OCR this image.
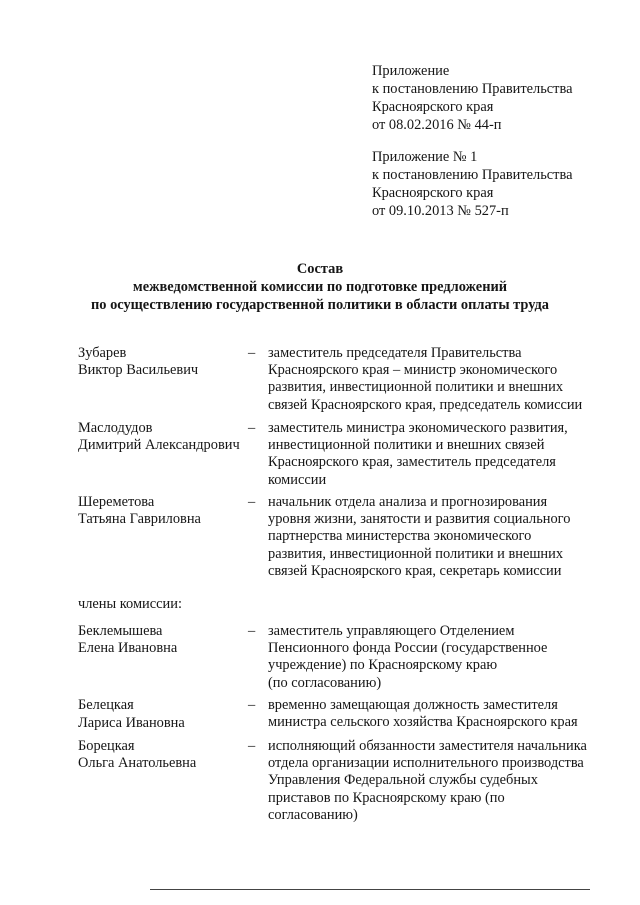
Приложение
к постановлению Правительства
Красноярского края
от 08.02.2016 № 44-п
Приложение № 1
к постановлению Правительства
Красноярского края
от 09.10.2013 № 527-п
Состав
межведомственной комиссии по подготовке предложений
по осуществлению государственной политики в области оплаты труда
Зубарев
Виктор Васильевич
– заместитель председателя Правительства
Красноярского края – министр экономического
развития, инвестиционной политики и внешних
связей Красноярского края, председатель комиссии
Маслодудов
Димитрий Александрович
– заместитель министра экономического развития,
инвестиционной политики и внешних связей
Красноярского края, заместитель председателя
комиссии
Шереметова
Татьяна Гавриловна
– начальник отдела анализа и прогнозирования
уровня жизни, занятости и развития социального
партнерства министерства экономического
развития, инвестиционной политики и внешних
связей Красноярского края, секретарь комиссии
члены комиссии:
Беклемышева
Елена Ивановна
– заместитель управляющего Отделением
Пенсионного фонда России (государственное
учреждение) по Красноярскому краю
(по согласованию)
Белецкая
Лариса Ивановна
– временно замещающая должность заместителя
министра сельского хозяйства Красноярского края
Борецкая
Ольга Анатольевна
– исполняющий обязанности заместителя начальника
отдела организации исполнительного производства
Управления Федеральной службы судебных
приставов по Красноярскому краю (по
согласованию)
